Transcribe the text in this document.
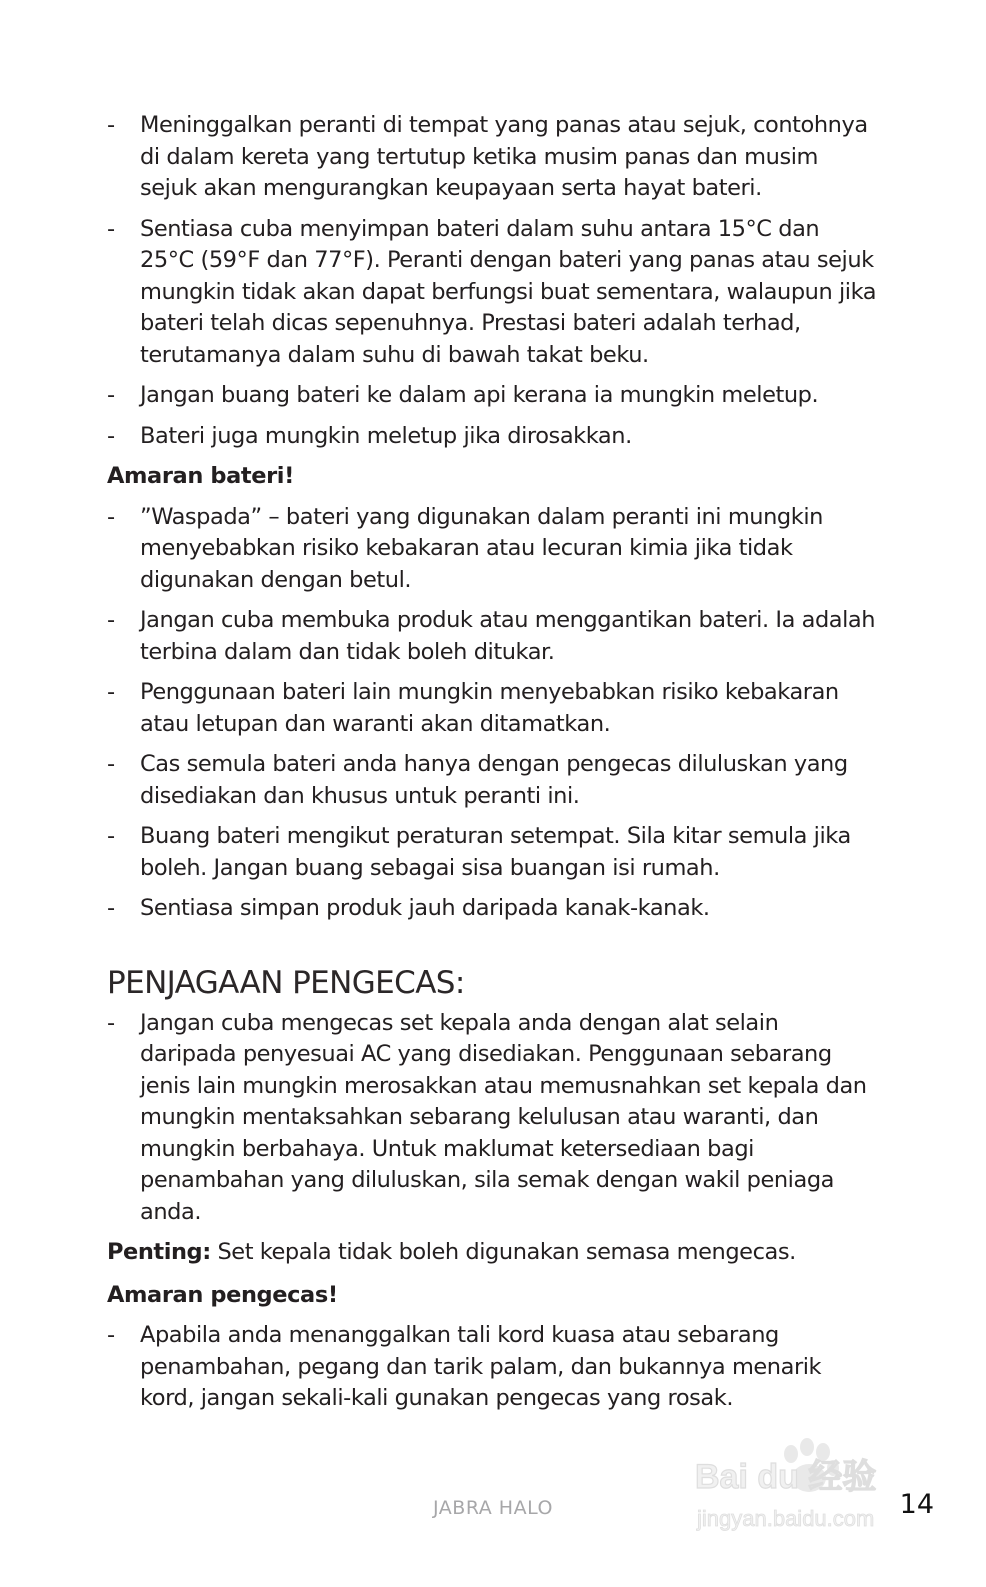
- Meninggalkan peranti di tempat yang panas atau sejuk, contohnya di dalam kereta yang tertutup ketika musim panas dan musim sejuk akan mengurangkan keupayaan serta hayat bateri.
- Sentiasa cuba menyimpan bateri dalam suhu antara 15°C dan 25°C (59°F dan 77°F). Peranti dengan bateri yang panas atau sejuk mungkin tidak akan dapat berfungsi buat sementara, walaupun jika bateri telah dicas sepenuhnya. Prestasi bateri adalah terhad, terutamanya dalam suhu di bawah takat beku.
- Jangan buang bateri ke dalam api kerana ia mungkin meletup.
- Bateri juga mungkin meletup jika dirosakkan.
Amaran bateri!
- ”Waspada” – bateri yang digunakan dalam peranti ini mungkin menyebabkan risiko kebakaran atau lecuran kimia jika tidak digunakan dengan betul.
- Jangan cuba membuka produk atau menggantikan bateri. Ia adalah terbina dalam dan tidak boleh ditukar.
- Penggunaan bateri lain mungkin menyebabkan risiko kebakaran atau letupan dan waranti akan ditamatkan.
- Cas semula bateri anda hanya dengan pengecas diluluskan yang disediakan dan khusus untuk peranti ini.
- Buang bateri mengikut peraturan setempat. Sila kitar semula jika boleh. Jangan buang sebagai sisa buangan isi rumah.
- Sentiasa simpan produk jauh daripada kanak-kanak.
PENJAGAAN PENGECAS:
- Jangan cuba mengecas set kepala anda dengan alat selain daripada penyesuai AC yang disediakan. Penggunaan sebarang jenis lain mungkin merosakkan atau memusnahkan set kepala dan mungkin mentaksahkan sebarang kelulusan atau waranti, dan mungkin berbahaya. Untuk maklumat ketersediaan bagi penambahan yang diluluskan, sila semak dengan wakil peniaga anda.
Penting: Set kepala tidak boleh digunakan semasa mengecas.
Amaran pengecas!
- Apabila anda menanggalkan tali kord kuasa atau sebarang penambahan, pegang dan tarik palam, dan bukannya menarik kord, jangan sekali-kali gunakan pengecas yang rosak.
Bai du 经验
jingyan.baidu.com
JABRA HALO	14
